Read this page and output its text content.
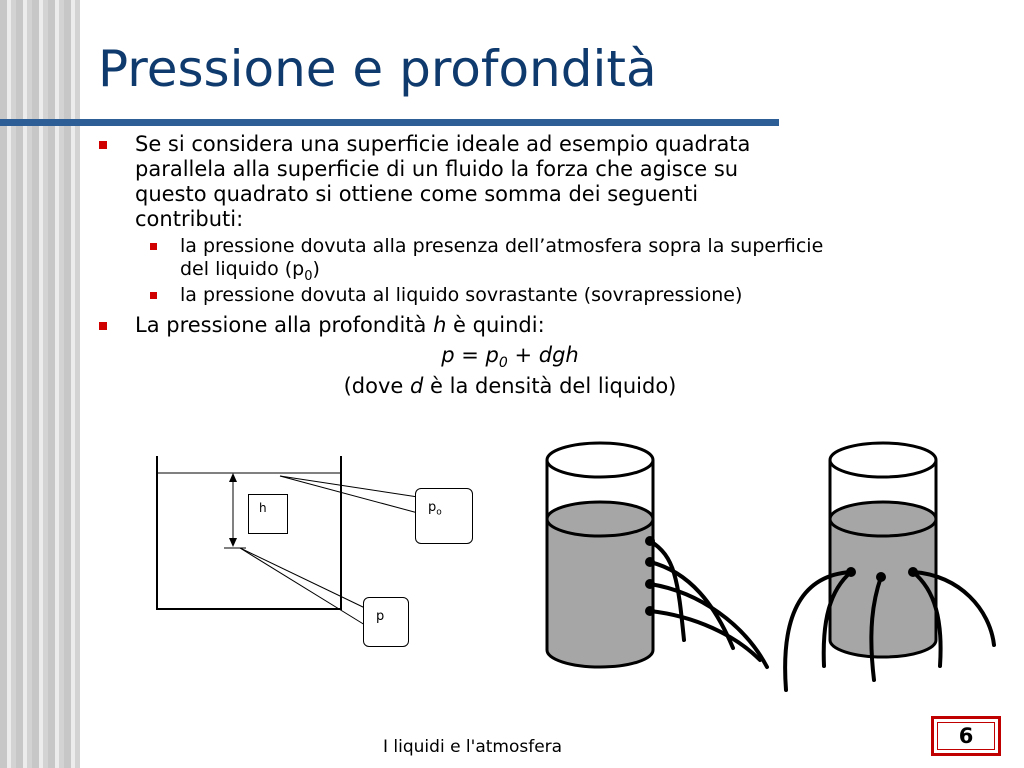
Pressione e profondità
Se si considera una superficie ideale ad esempio quadrata
parallela alla superficie di un fluido la forza che agisce su
questo quadrato si ottiene come somma dei seguenti
contributi:
la pressione dovuta alla presenza dell’atmosfera sopra la superficie
del liquido $(p_0)$
la pressione dovuta al liquido sovrastante (sovrapressione)
La pressione alla profondità h è quindi:
$p = p_0$ + dgh
(dove d è la densità del liquido)
h	$p_o$
p
I liquidi e l'atmosfera	6
